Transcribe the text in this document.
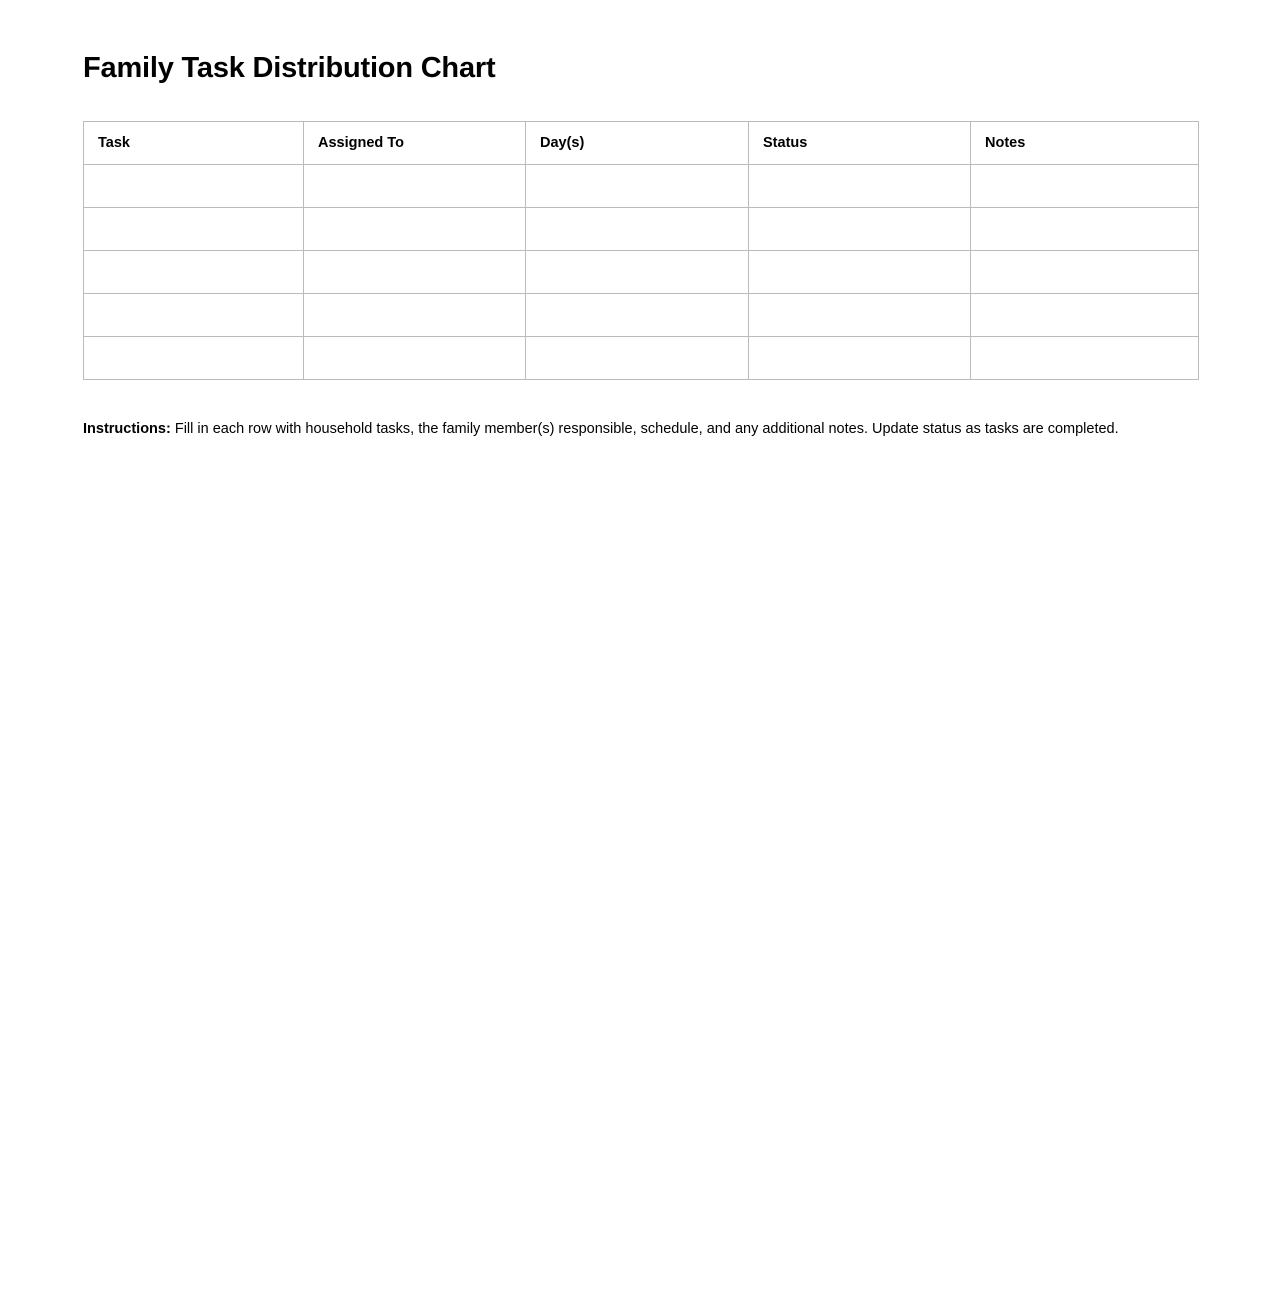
Family Task Distribution Chart
Task	Assigned To	Day(s)	Status	Notes

Instructions: Fill in each row with household tasks, the family member(s) responsible, schedule, and any additional notes. Update status as tasks are completed.
